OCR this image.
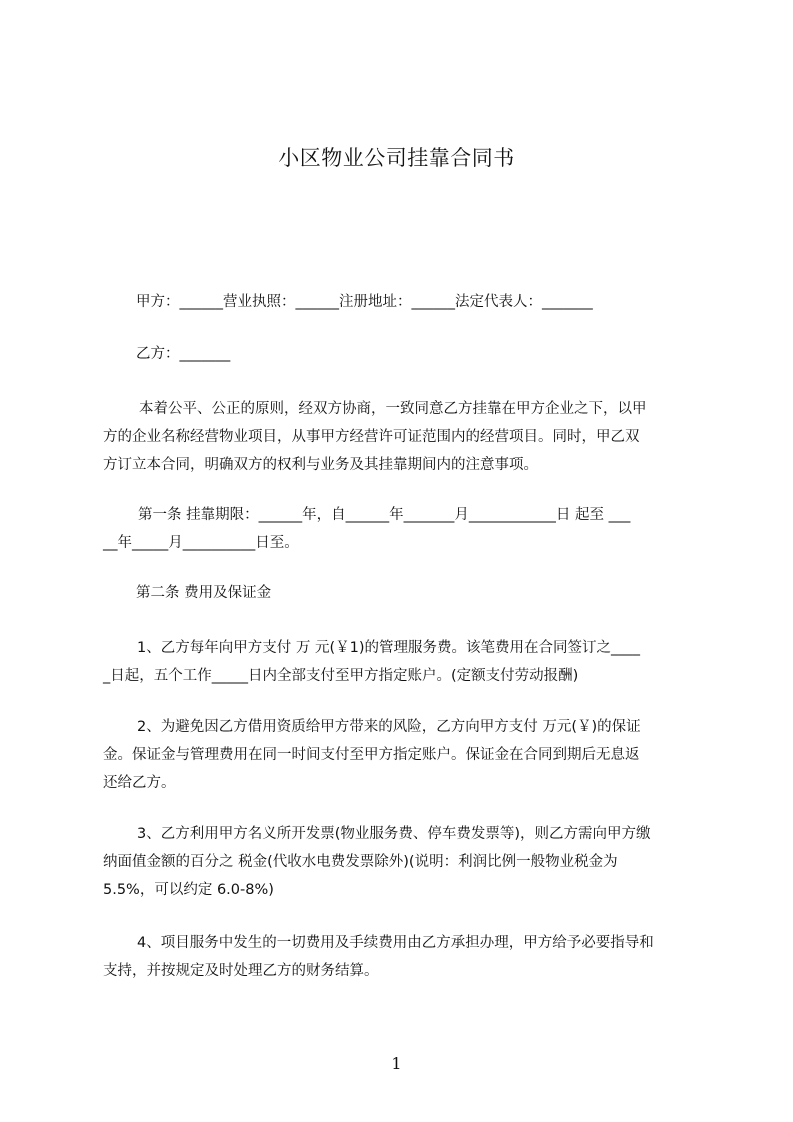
小区物业公司挂靠合同书
甲方：______营业执照：______注册地址：______法定代表人：_______
乙方：_______
本着公平、公正的原则，经双方协商，一致同意乙方挂靠在甲方企业之下，以甲
方的企业名称经营物业项目，从事甲方经营许可证范围内的经营项目。同时，甲乙双
方订立本合同，明确双方的权利与业务及其挂靠期间内的注意事项。
第一条 挂靠期限：______年，自______年_______月____________日 起至 ___
__年_____月__________日至。
第二条 费用及保证金
1、乙方每年向甲方支付 万 元(￥1)的管理服务费。该笔费用在合同签订之____
_日起，五个工作_____日内全部支付至甲方指定账户。(定额支付劳动报酬)
2、为避免因乙方借用资质给甲方带来的风险，乙方向甲方支付 万元(￥)的保证
金。保证金与管理费用在同一时间支付至甲方指定账户。保证金在合同到期后无息返
还给乙方。
3、乙方利用甲方名义所开发票(物业服务费、停车费发票等)，则乙方需向甲方缴
纳面值金额的百分之 税金(代收水电费发票除外)(说明：利润比例一般物业税金为
5.5%，可以约定 6.0-8%)
4、项目服务中发生的一切费用及手续费用由乙方承担办理，甲方给予必要指导和
支持，并按规定及时处理乙方的财务结算。
1
